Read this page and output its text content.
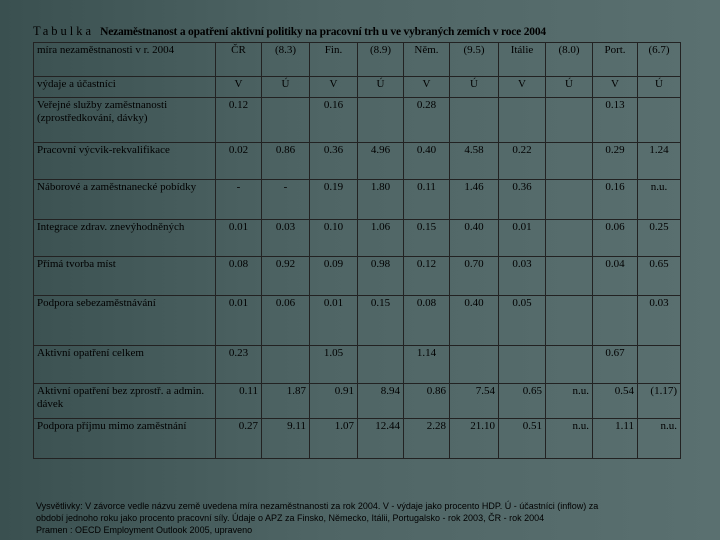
Tabulka Nezaměstnanost a opatření aktivní politiky na pracovní trh u ve vybraných zemích v roce 2004
míra nezaměstnanosti v r. 2004	ČR	(8.3)	Fin.	(8.9)	Něm.	(9.5)	Itálie	(8.0)	Port.	(6.7)
výdaje a účastníci	V	Ú	V	Ú	V	Ú	V	Ú	V	Ú
Veřejné služby zaměstnanosti (zprostředkování, dávky)	0.12		0.16		0.28				0.13	
Pracovní výcvik-rekvalifikace	0.02	0.86	0.36	4.96	0.40	4.58	0.22		0.29	1.24
Náborové a zaměstnanecké pobídky	-	-	0.19	1.80	0.11	1.46	0.36		0.16	n.u.
Integrace zdrav. znevýhodněných	0.01	0.03	0.10	1.06	0.15	0.40	0.01		0.06	0.25
Přímá tvorba míst	0.08	0.92	0.09	0.98	0.12	0.70	0.03		0.04	0.65
Podpora sebezaměstnávání	0.01	0.06	0.01	0.15	0.08	0.40	0.05			0.03
Aktivní opatření celkem	0.23		1.05		1.14				0.67	
Aktivní opatření bez zprostř. a admin. dávek	0.11	1.87	0.91	8.94	0.86	7.54	0.65	n.u.	0.54	(1.17)
Podpora příjmu mimo zaměstnání	0.27	9.11	1.07	12.44	2.28	21.10	0.51	n.u.	1.11	n.u.
Vysvětlivky: V závorce vedle názvu země uvedena míra nezaměstnanosti za rok 2004. V - výdaje jako procento HDP. Ú - účastníci (inflow) za
období jednoho roku jako procento pracovní síly. Údaje o APZ za Finsko, Německo, Itálii, Portugalsko - rok 2003, ČR - rok 2004
Pramen : OECD Employment Outlook 2005, upraveno
